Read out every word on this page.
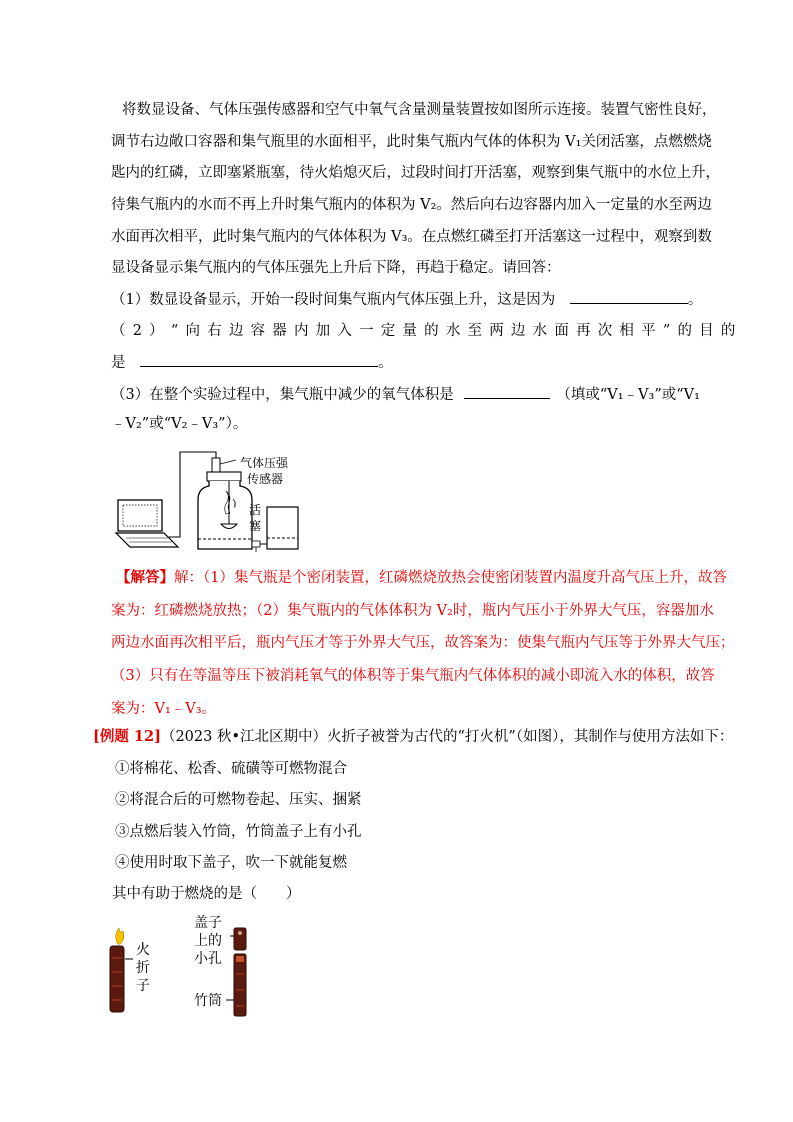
将数显设备、气体压强传感器和空气中氧气含量测量装置按如图所示连接。装置气密性良好，
调节右边敞口容器和集气瓶里的水面相平，此时集气瓶内气体的体积为 V₁关闭活塞，点燃燃烧
匙内的红磷，立即塞紧瓶塞，待火焰熄灭后，过段时间打开活塞，观察到集气瓶中的水位上升，
待集气瓶内的水而不再上升时集气瓶内的体积为 V₂。然后向右边容器内加入一定量的水至两边
水面再次相平，此时集气瓶内的气体体积为 V₃。在点燃红磷至打开活塞这一过程中，观察到数
显设备显示集气瓶内的气体压强先上升后下降，再趋于稳定。请回答：
（1）数显设备显示，开始一段时间集气瓶内气体压强上升，这是因为	。
（2）“向右边容器内加入一定量的水至两边水面再次相平”的目的
是	。
（3）在整个实验过程中，集气瓶中减少的氧气体积是	（填或“V₁﹣V₃”或“V₁
﹣V₂”或“V₂﹣V₃”）。
气体压强
传感器
活
塞
【解答】解：（1）集气瓶是个密闭装置，红磷燃烧放热会使密闭装置内温度升高气压上升，故答
案为：红磷燃烧放热；（2）集气瓶内的气体体积为 V₂时，瓶内气压小于外界大气压，容器加水
两边水面再次相平后，瓶内气压才等于外界大气压，故答案为：使集气瓶内气压等于外界大气压；
（3）只有在等温等压下被消耗氧气的体积等于集气瓶内气体体积的减小即流入水的体积，故答
案为：V₁﹣V₃。
[例题 12]（2023 秋•江北区期中）火折子被誉为古代的“打火机”（如图），其制作与使用方法如下：
①将棉花、松香、硫磺等可燃物混合
②将混合后的可燃物卷起、压实、捆紧
③点燃后装入竹筒，竹筒盖子上有小孔
④使用时取下盖子，吹一下就能复燃
其中有助于燃烧的是（　　）
火
折
子
盖子
上的
小孔
竹筒
